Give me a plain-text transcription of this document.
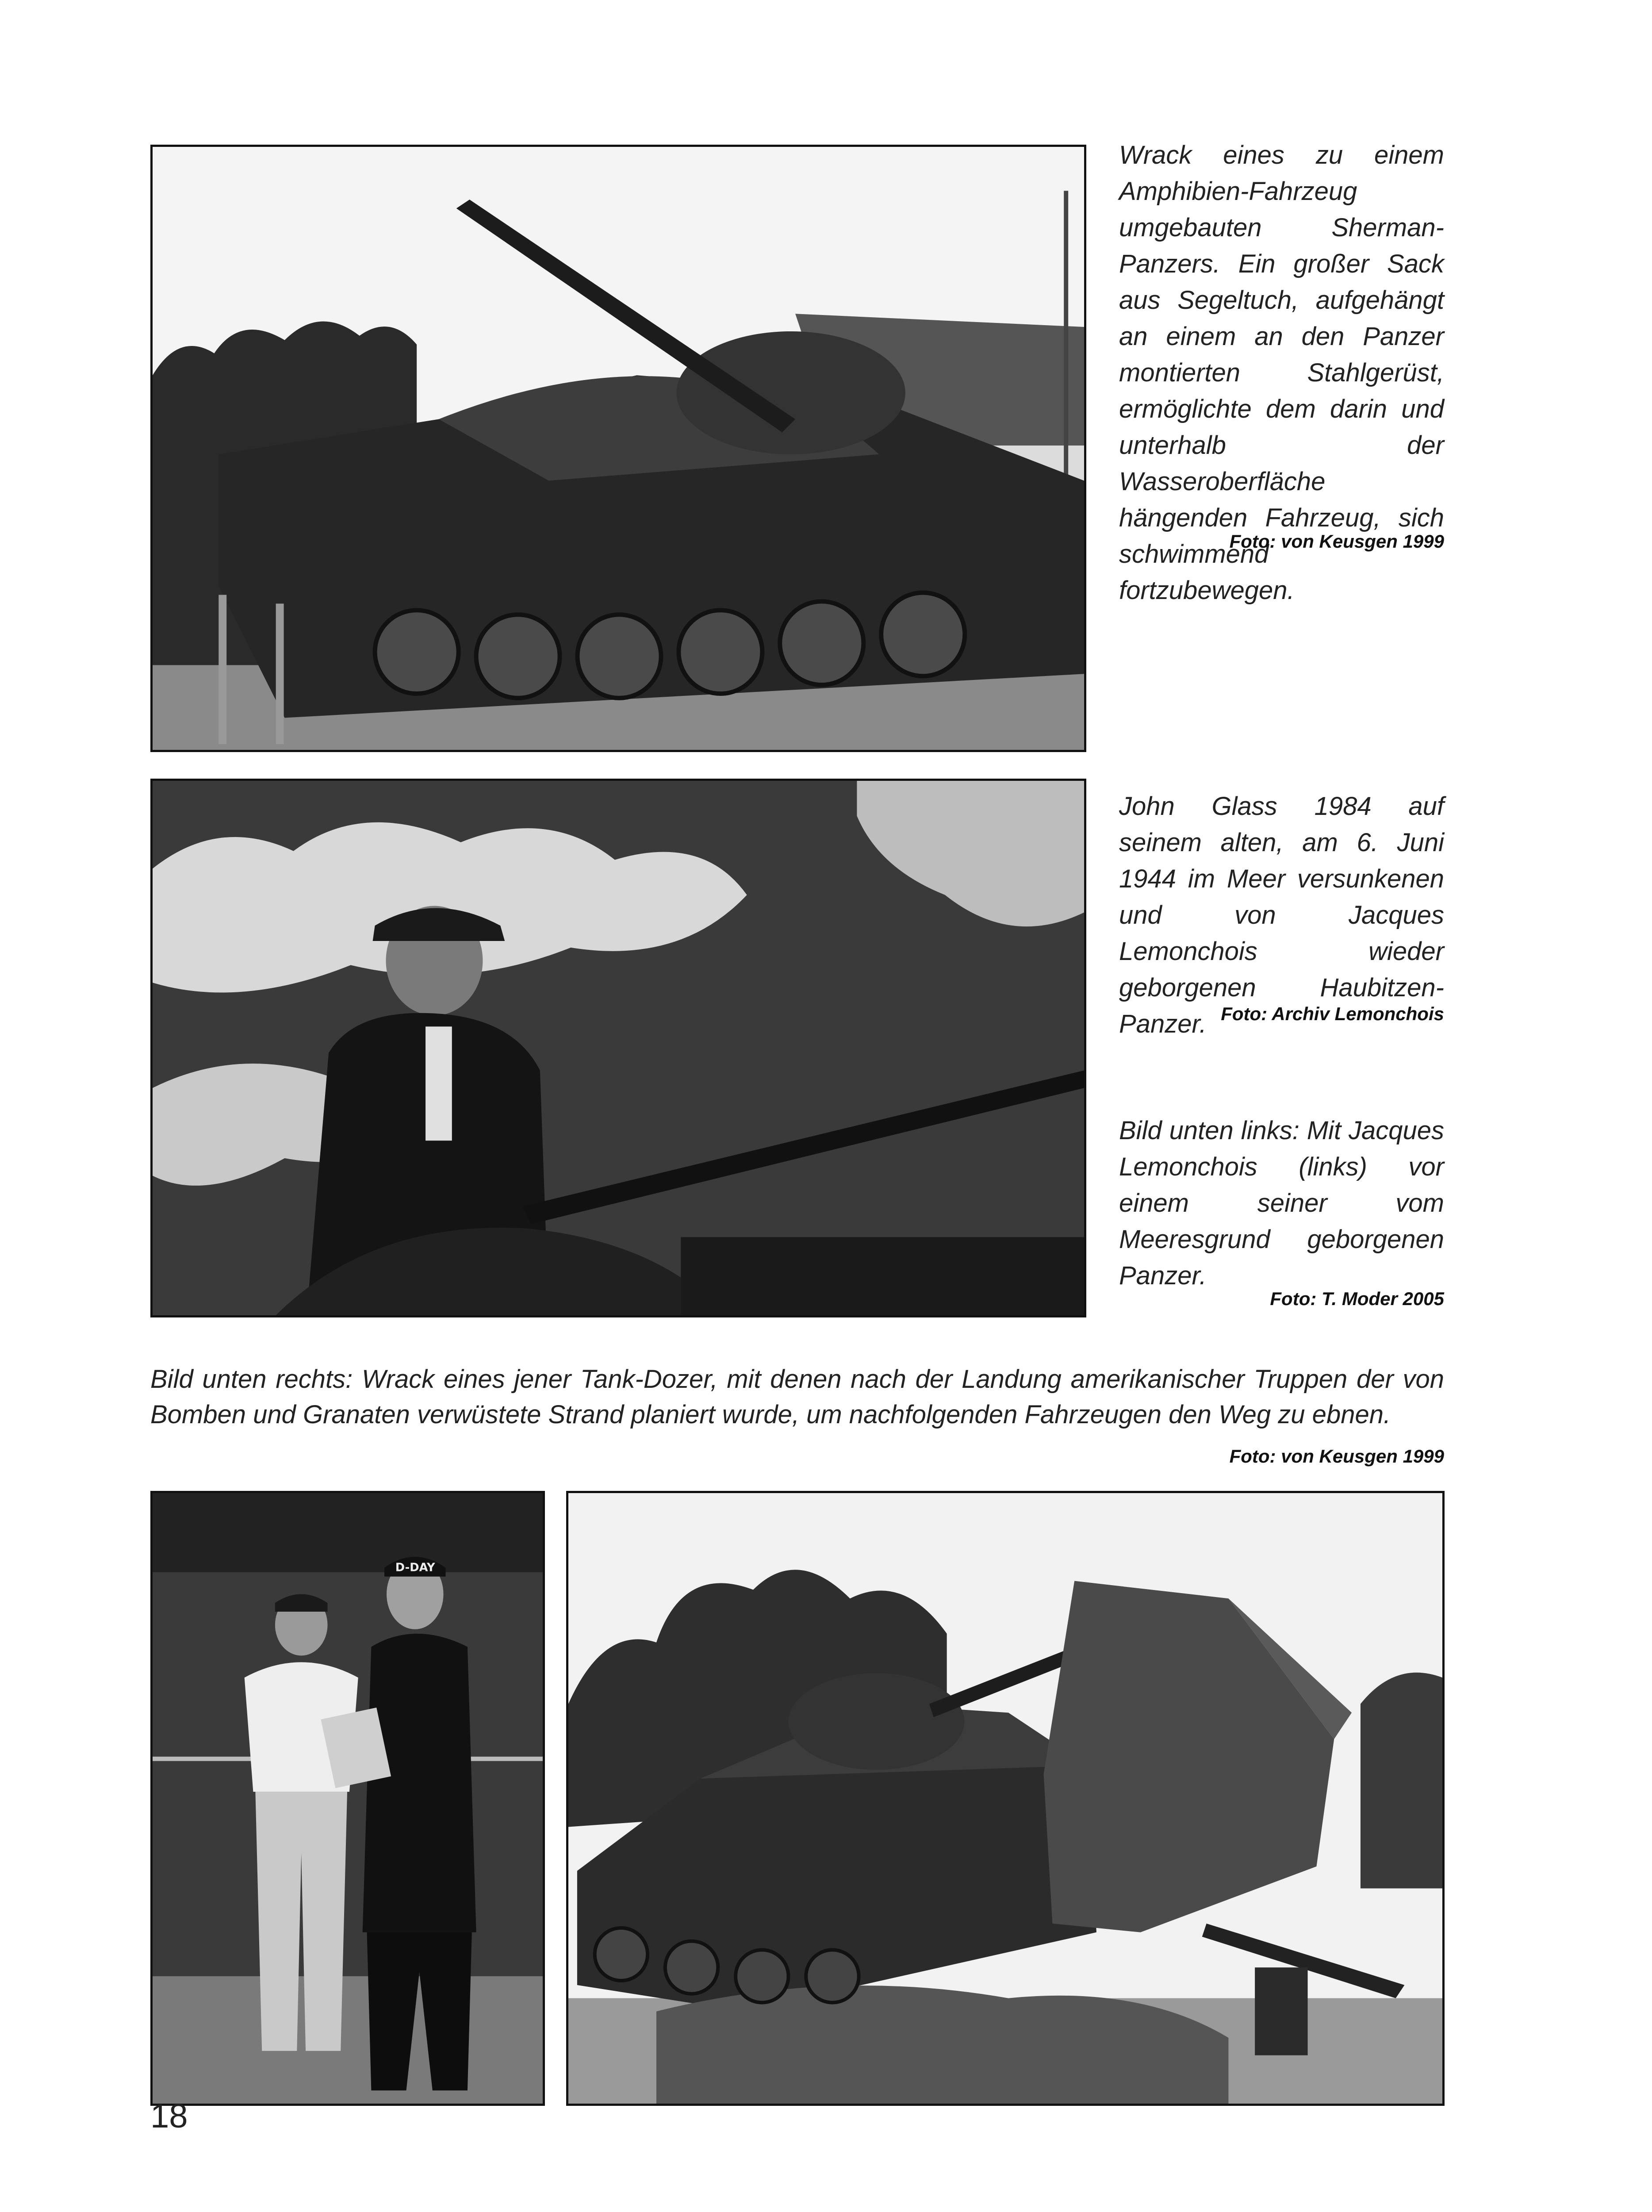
Wrack eines zu einem Amphibien-Fahrzeug umgebauten Sherman-Panzers. Ein großer Sack aus Segeltuch, aufgehängt an einem an den Panzer montierten Stahlgerüst, ermöglichte dem darin und unterhalb der Wasseroberfläche hängenden Fahrzeug, sich schwimmend fortzubewegen.
Foto: von Keusgen 1999
John Glass 1984 auf seinem alten, am 6. Juni 1944 im Meer versunkenen und von Jacques Lemonchois wieder geborgenen Haubitzen-Panzer. Foto: Archiv Lemonchois
Bild unten links: Mit Jacques Lemonchois (links) vor einem seiner vom Meeresgrund geborgenen Panzer.
Foto: T. Moder 2005
Bild unten rechts: Wrack eines jener Tank-Dozer, mit denen nach der Landung amerikanischer Truppen der von Bomben und Granaten verwüstete Strand planiert wurde, um nachfolgenden Fahrzeugen den Weg zu ebnen.
Foto: von Keusgen 1999
D-DAY
18
